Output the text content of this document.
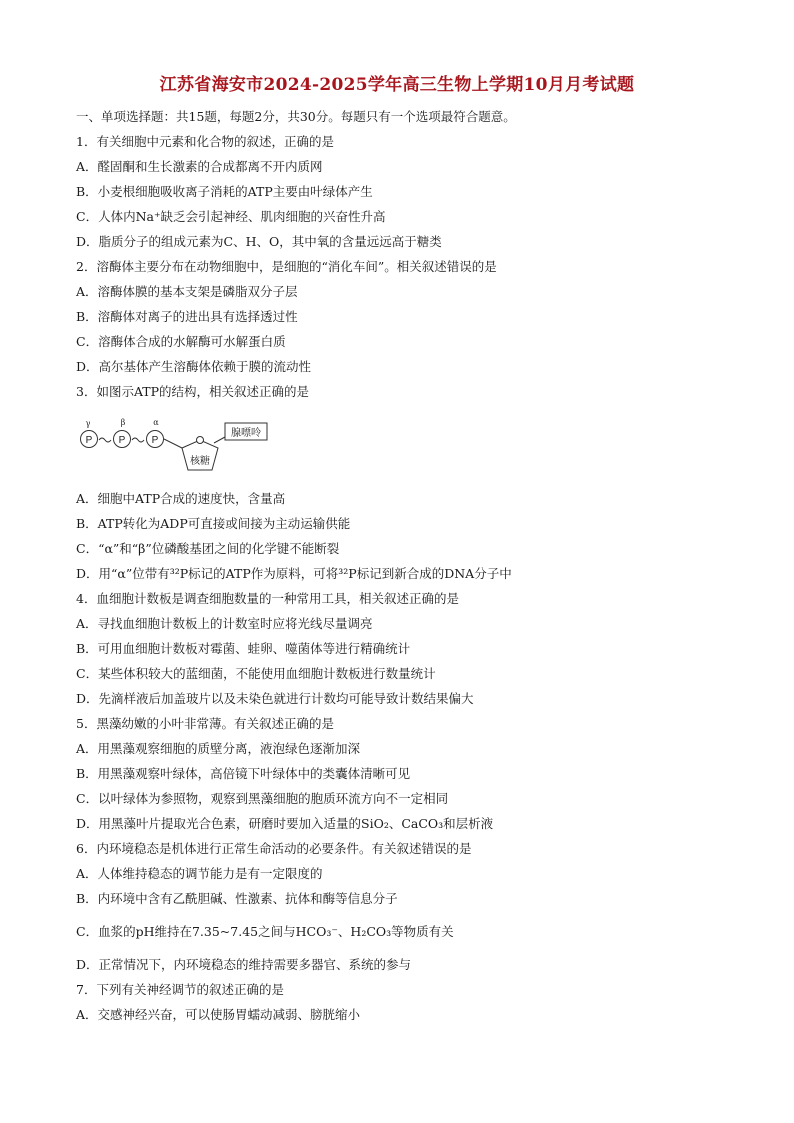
江苏省海安市2024-2025学年高三生物上学期10月月考试题
一、单项选择题：共15题，每题2分，共30分。每题只有一个选项最符合题意。
1．有关细胞中元素和化合物的叙述，正确的是
A．醛固酮和生长激素的合成都离不开内质网
B．小麦根细胞吸收离子消耗的ATP主要由叶绿体产生
C．人体内Na⁺缺乏会引起神经、肌肉细胞的兴奋性升高
D．脂质分子的组成元素为C、H、O，其中氧的含量远远高于糖类
2．溶酶体主要分布在动物细胞中，是细胞的“消化车间”。相关叙述错误的是
A．溶酶体膜的基本支架是磷脂双分子层
B．溶酶体对离子的进出具有选择透过性
C．溶酶体合成的水解酶可水解蛋白质
D．高尔基体产生溶酶体依赖于膜的流动性
3．如图示ATP的结构，相关叙述正确的是
P
γ
P
β
P
α
核糖
腺嘌呤
A．细胞中ATP合成的速度快，含量高
B．ATP转化为ADP可直接或间接为主动运输供能
C．“α”和“β”位磷酸基团之间的化学键不能断裂
D．用“α”位带有³²P标记的ATP作为原料，可将³²P标记到新合成的DNA分子中
4．血细胞计数板是调查细胞数量的一种常用工具，相关叙述正确的是
A．寻找血细胞计数板上的计数室时应将光线尽量调亮
B．可用血细胞计数板对霉菌、蛙卵、噬菌体等进行精确统计
C．某些体积较大的蓝细菌，不能使用血细胞计数板进行数量统计
D．先滴样液后加盖玻片以及未染色就进行计数均可能导致计数结果偏大
5．黑藻幼嫩的小叶非常薄。有关叙述正确的是
A．用黑藻观察细胞的质壁分离，液泡绿色逐渐加深
B．用黑藻观察叶绿体，高倍镜下叶绿体中的类囊体清晰可见
C．以叶绿体为参照物，观察到黑藻细胞的胞质环流方向不一定相同
D．用黑藻叶片提取光合色素，研磨时要加入适量的SiO₂、CaCO₃和层析液
6．内环境稳态是机体进行正常生命活动的必要条件。有关叙述错误的是
A．人体维持稳态的调节能力是有一定限度的
B．内环境中含有乙酰胆碱、性激素、抗体和酶等信息分子
C．血浆的pH维持在7.35~7.45之间与HCO₃⁻、H₂CO₃等物质有关
D．正常情况下，内环境稳态的维持需要多器官、系统的参与
7．下列有关神经调节的叙述正确的是
A．交感神经兴奋，可以使肠胃蠕动减弱、膀胱缩小
